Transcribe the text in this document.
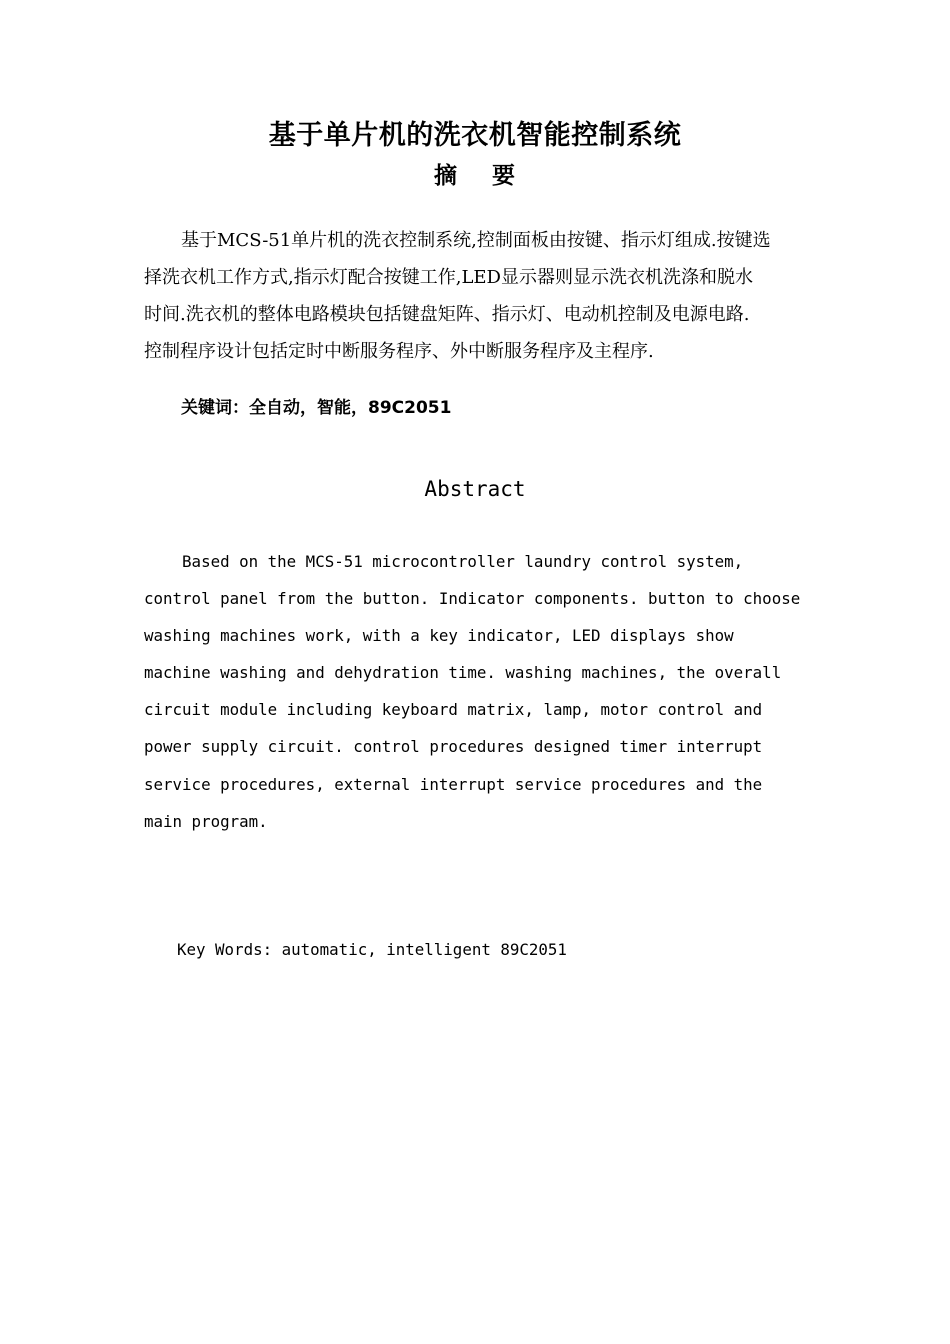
基于单片机的洗衣机智能控制系统
摘 要
基于MCS-51单片机的洗衣控制系统,控制面板由按键、指示灯组成.按键选
择洗衣机工作方式,指示灯配合按键工作,LED显示器则显示洗衣机洗涤和脱水
时间.洗衣机的整体电路模块包括键盘矩阵、指示灯、电动机控制及电源电路.
控制程序设计包括定时中断服务程序、外中断服务程序及主程序.
关键词：全自动，智能，89C2051
Abstract
Based on the MCS-51 microcontroller laundry control system,
control panel from the button. Indicator components. button to choose
washing machines work, with a key indicator, LED displays show
machine washing and dehydration time. washing machines, the overall
circuit module including keyboard matrix, lamp, motor control and
power supply circuit. control procedures designed timer interrupt
service procedures, external interrupt service procedures and the
main program.
Key Words: automatic, intelligent 89C2051
